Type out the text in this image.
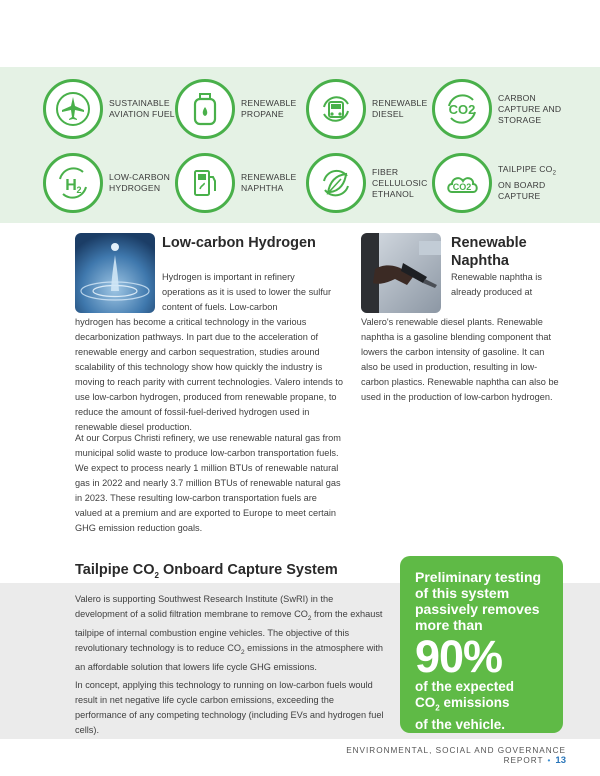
SUSTAINABLE AVIATION FUEL
RENEWABLE PROPANE
RENEWABLE DIESEL	CO2
CARBON CAPTURE AND STORAGE
H 2
LOW-CARBON HYDROGEN
RENEWABLE NAPHTHA
FIBER CELLULOSIC ETHANOL
CO2
TAILPIPE $CO_2$ ON BOARD CAPTURE
Low-carbon Hydrogen

Hydrogen is important in refinery operations as it is used to lower the sulfur content of fuels. Low-carbon

hydrogen has become a critical technology in the various decarbonization pathways. In part due to the acceleration of renewable energy and carbon sequestration, studies around scalability of this technology show how quickly the industry is moving to reach parity with current technologies. Valero intends to use low-carbon hydrogen, produced from renewable propane, to reduce the amount of fossil-fuel-derived hydrogen used in renewable diesel production.

At our Corpus Christi refinery, we use renewable natural gas from municipal solid waste to produce low-carbon transportation fuels. We expect to process nearly 1 million BTUs of renewable natural gas in 2022 and nearly 3.7 million BTUs of renewable natural gas in 2023. These resulting low-carbon transportation fuels are valued at a premium and are exported to Europe to meet certain GHG emission reduction goals.

Renewable Naphtha

Renewable naphtha is already produced at

Valero's renewable diesel plants. Renewable naphtha is a gasoline blending component that lowers the carbon intensity of gasoline. It can also be used in production, resulting in low-carbon plastics. Renewable naphtha can also be used in the production of low-carbon hydrogen.

Tailpipe $CO_2$ Onboard Capture System

Valero is supporting Southwest Research Institute (SwRI) in the development of a solid filtration membrane to remove $CO_2$ from the exhaust tailpipe of internal combustion engine vehicles. The objective of this revolutionary technology is to reduce $CO_2$ emissions in the atmosphere with an affordable solution that lowers life cycle GHG emissions.

In concept, applying this technology to running on low-carbon fuels would result in net negative life cycle carbon emissions, exceeding the performance of any competing technology (including EVs and hydrogen fuel cells).

Preliminary testing of this system passively removes more than
90%
of the expected
$CO_2$ emissions
of the vehicle.
ENVIRONMENTAL, SOCIAL AND GOVERNANCE REPORT • 13
